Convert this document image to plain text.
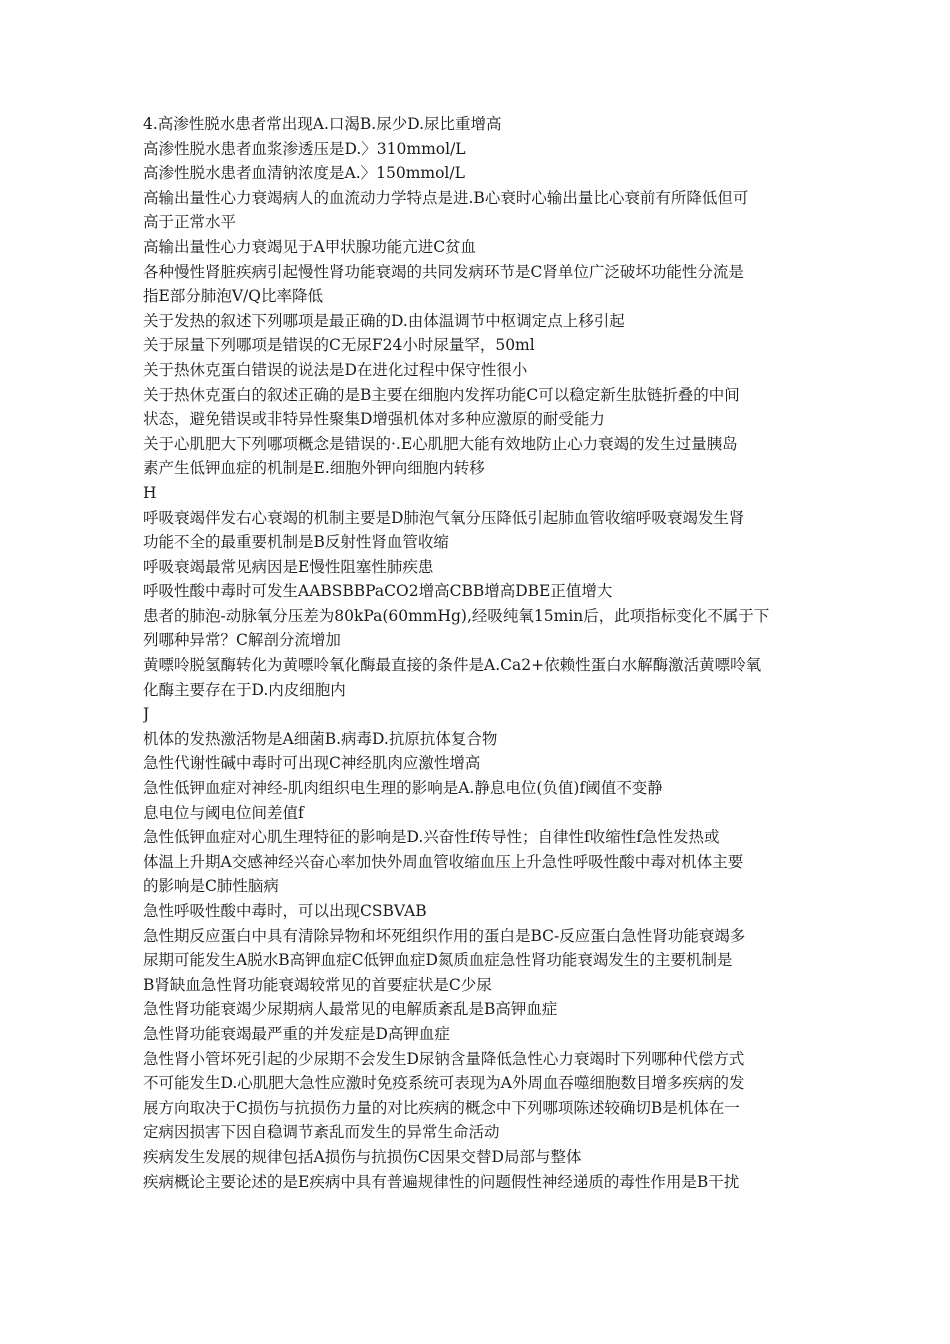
4.高渗性脱水患者常出现A.口渴B.尿少D.尿比重增高
高渗性脱水患者血浆渗透压是D.〉310mmol/L
高渗性脱水患者血清钠浓度是A.〉150mmol/L
高输出量性心力衰竭病人的血流动力学特点是进.B心衰时心输出量比心衰前有所降低但可
高于正常水平
高输出量性心力衰竭见于A甲状腺功能亢进C贫血
各种慢性肾脏疾病引起慢性肾功能衰竭的共同发病环节是C肾单位广泛破坏功能性分流是
指E部分肺泡V/Q比率降低
关于发热的叙述下列哪项是最正确的D.由体温调节中枢调定点上移引起
关于尿量下列哪项是错误的C无尿F24小时尿量罕，50ml
关于热休克蛋白错误的说法是D在进化过程中保守性很小
关于热休克蛋白的叙述正确的是B主要在细胞内发挥功能C可以稳定新生肽链折叠的中间
状态，避免错误或非特异性聚集D增强机体对多种应激原的耐受能力
关于心肌肥大下列哪项概念是错误的·.E心肌肥大能有效地防止心力衰竭的发生过量胰岛
素产生低钾血症的机制是E.细胞外钾向细胞内转移
H
呼吸衰竭伴发右心衰竭的机制主要是D肺泡气氧分压降低引起肺血管收缩呼吸衰竭发生肾
功能不全的最重要机制是B反射性肾血管收缩
呼吸衰竭最常见病因是E慢性阻塞性肺疾患
呼吸性酸中毒时可发生AABSBBPaCO2增高CBB增高DBE正值增大
患者的肺泡-动脉氧分压差为80kPa(60mmHg),经吸纯氧15min后，此项指标变化不属于下
列哪种异常？C解剖分流增加
黄嘌呤脱氢酶转化为黄嘌呤氧化酶最直接的条件是A.Ca2+依赖性蛋白水解酶激活黄嘌呤氧
化酶主要存在于D.内皮细胞内
J
机体的发热激活物是A细菌B.病毒D.抗原抗体复合物
急性代谢性碱中毒时可出现C神经肌肉应激性增高
急性低钾血症对神经-肌肉组织电生理的影响是A.静息电位(负值)f阈值不变静
息电位与阈电位间差值f
急性低钾血症对心肌生理特征的影响是D.兴奋性f传导性；自律性f收缩性f急性发热或
体温上升期A交感神经兴奋心率加快外周血管收缩血压上升急性呼吸性酸中毒对机体主要
的影响是C肺性脑病
急性呼吸性酸中毒时，可以出现CSBVAB
急性期反应蛋白中具有清除异物和坏死组织作用的蛋白是BC-反应蛋白急性肾功能衰竭多
尿期可能发生A脱水B高钾血症C低钾血症D氮质血症急性肾功能衰竭发生的主要机制是
B肾缺血急性肾功能衰竭较常见的首要症状是C少尿
急性肾功能衰竭少尿期病人最常见的电解质紊乱是B高钾血症
急性肾功能衰竭最严重的并发症是D高钾血症
急性肾小管坏死引起的少尿期不会发生D尿钠含量降低急性心力衰竭时下列哪种代偿方式
不可能发生D.心肌肥大急性应激时免疫系统可表现为A外周血吞噬细胞数目增多疾病的发
展方向取决于C损伤与抗损伤力量的对比疾病的概念中下列哪项陈述较确切B是机体在一
定病因损害下因自稳调节紊乱而发生的异常生命活动
疾病发生发展的规律包括A损伤与抗损伤C因果交替D局部与整体
疾病概论主要论述的是E疾病中具有普遍规律性的问题假性神经递质的毒性作用是B干扰
